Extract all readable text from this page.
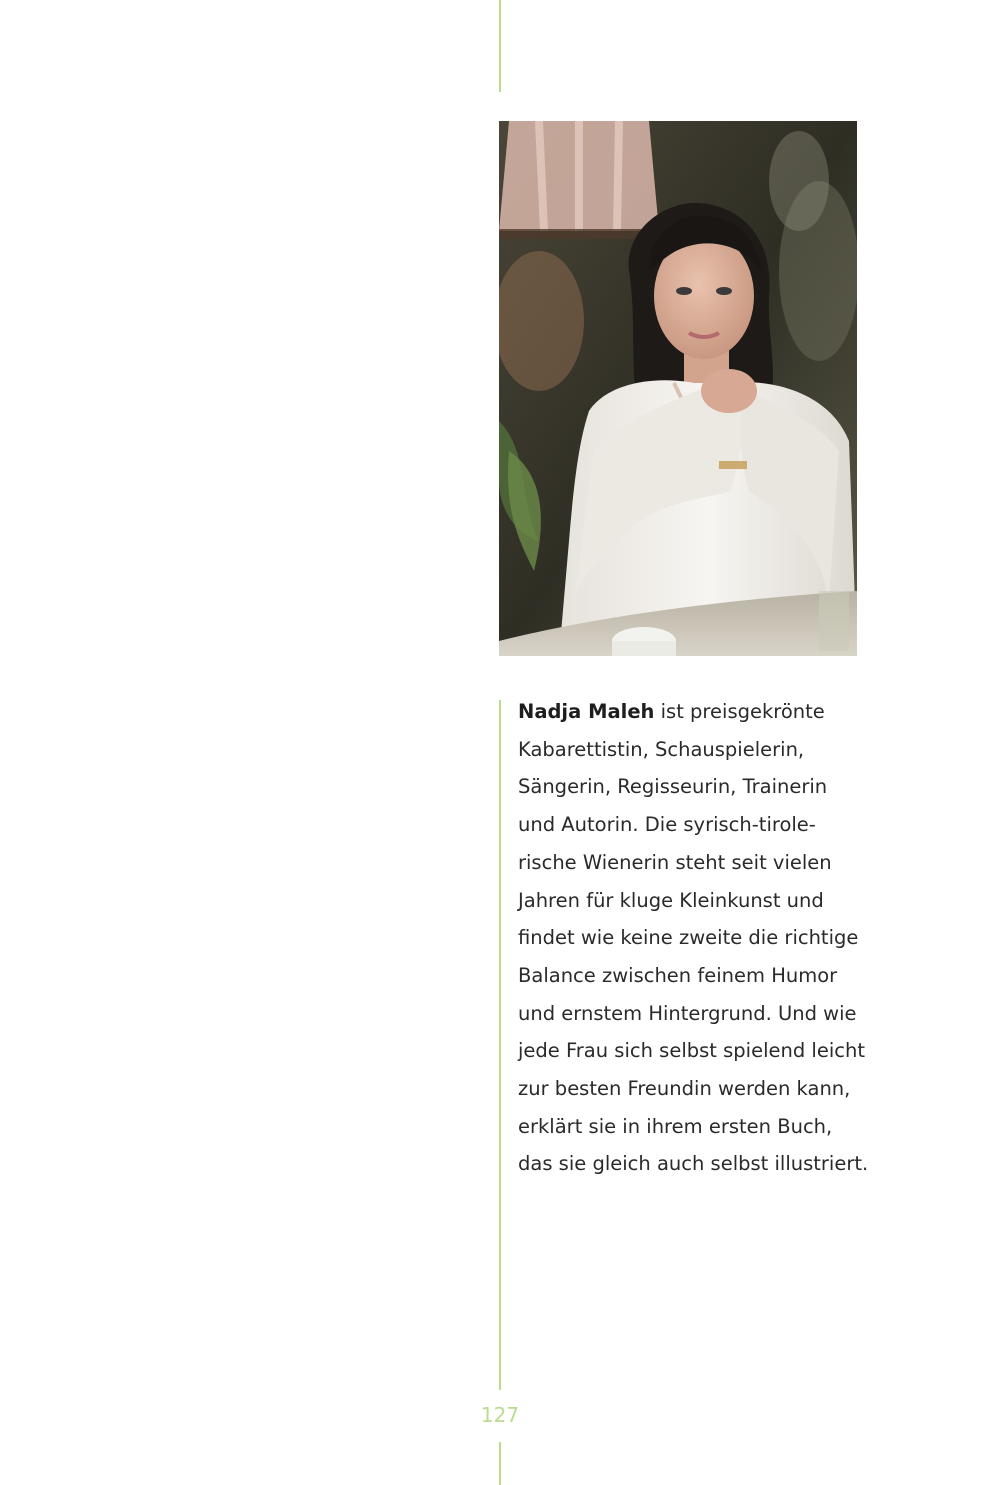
Nadja Maleh ist preisgekrönte
Kabarettistin, Schauspielerin,
Sängerin, Regisseurin, Trainerin
und Autorin. Die syrisch-tirole-
rische Wienerin steht seit vielen
Jahren für kluge Kleinkunst und
findet wie keine zweite die richtige
Balance zwischen feinem Humor
und ernstem Hintergrund. Und wie
jede Frau sich selbst spielend leicht
zur besten Freundin werden kann,
erklärt sie in ihrem ersten Buch,
das sie gleich auch selbst illustriert.

127
